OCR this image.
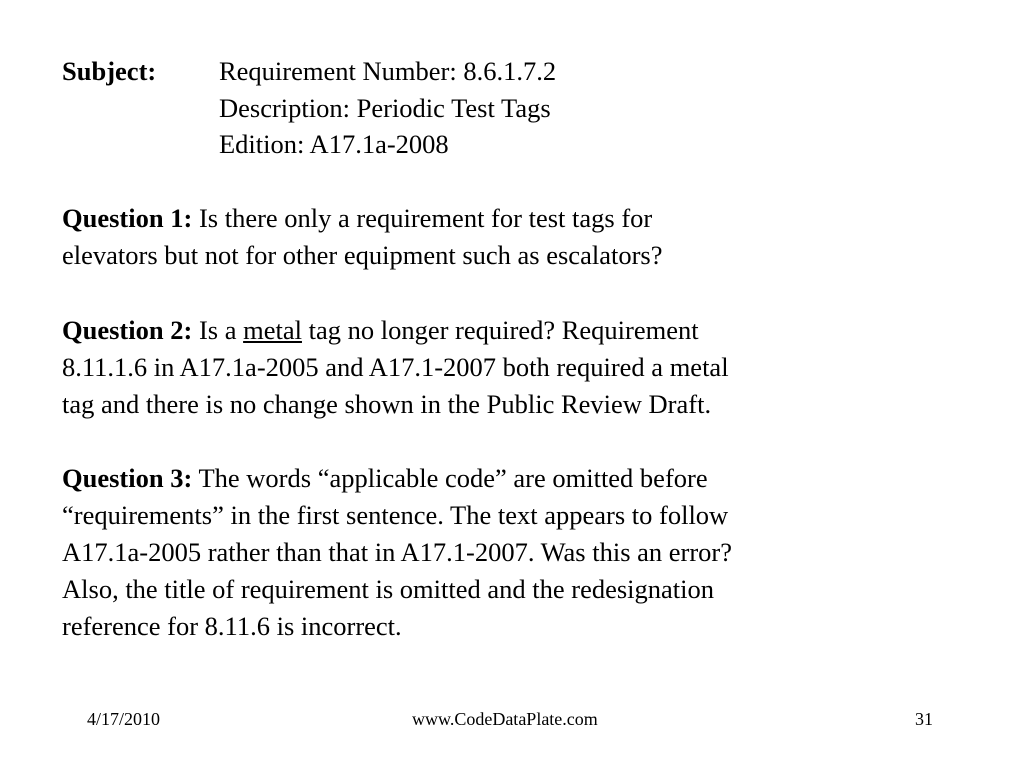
Subject: Requirement Number: 8.6.1.7.2
Description: Periodic Test Tags
Edition: A17.1a-2008
Question 1: Is there only a requirement for test tags for
elevators but not for other equipment such as escalators?
Question 2: Is a metal tag no longer required? Requirement
8.11.1.6 in A17.1a-2005 and A17.1-2007 both required a metal
tag and there is no change shown in the Public Review Draft.
Question 3: The words “applicable code” are omitted before
“requirements” in the first sentence. The text appears to follow
A17.1a-2005 rather than that in A17.1-2007. Was this an error?
Also, the title of requirement is omitted and the redesignation
reference for 8.11.6 is incorrect.
4/17/2010	www.CodeDataPlate.com	31
